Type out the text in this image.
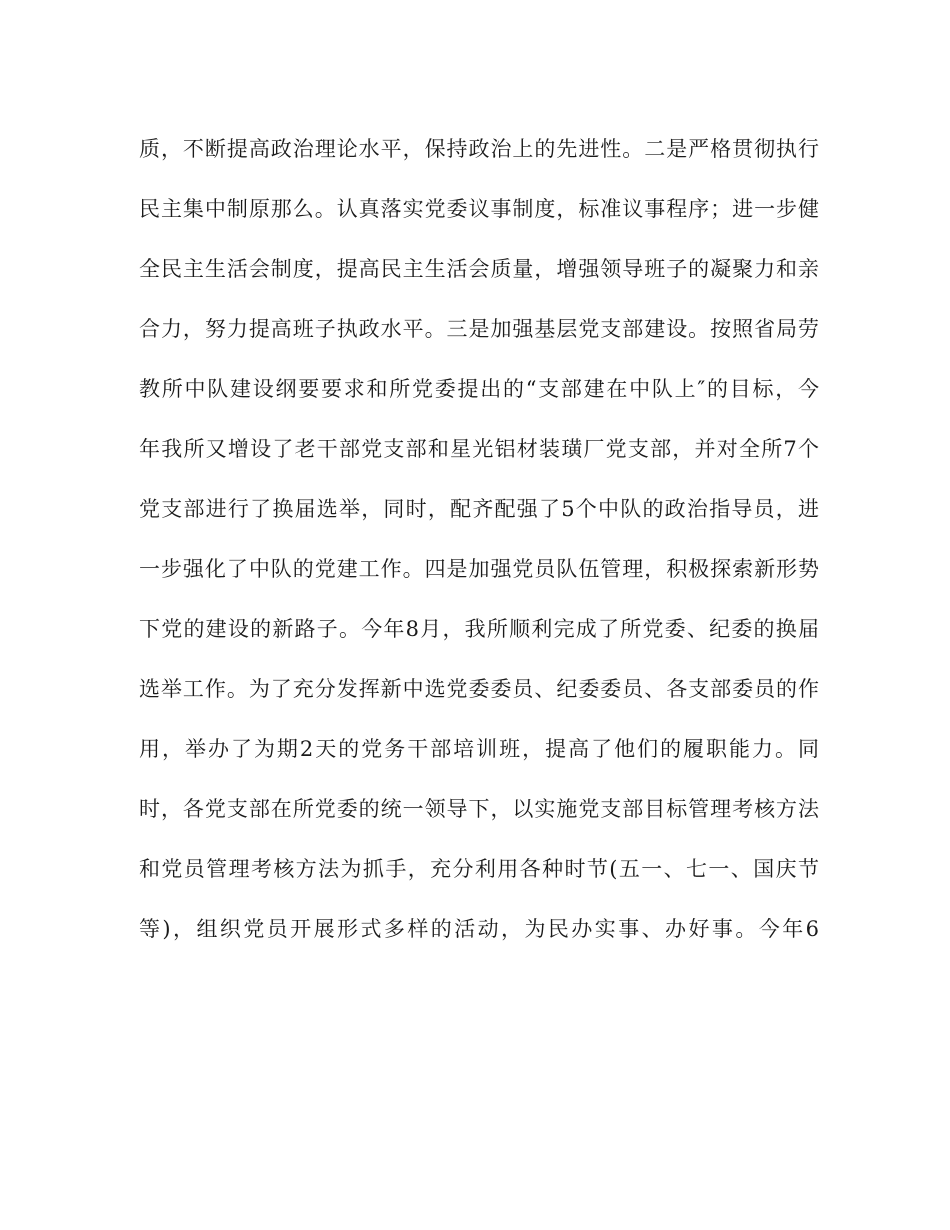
质，不断提高政治理论水平，保持政治上的先进性。二是严格贯彻执行
民主集中制原那么。认真落实党委议事制度，标准议事程序；进一步健
全民主生活会制度，提高民主生活会质量，增强领导班子的凝聚力和亲
合力，努力提高班子执政水平。三是加强基层党支部建设。按照省局劳
教所中队建设纲要要求和所党委提出的“支部建在中队上″的目标，今
年我所又增设了老干部党支部和星光铝材装璜厂党支部，并对全所7个
党支部进行了换届选举，同时，配齐配强了5个中队的政治指导员，进
一步强化了中队的党建工作。四是加强党员队伍管理，积极探索新形势
下党的建设的新路子。今年8月，我所顺利完成了所党委、纪委的换届
选举工作。为了充分发挥新中选党委委员、纪委委员、各支部委员的作
用，举办了为期2天的党务干部培训班，提高了他们的履职能力。同
时，各党支部在所党委的统一领导下，以实施党支部目标管理考核方法
和党员管理考核方法为抓手，充分利用各种时节(五一、七一、国庆节
等)，组织党员开展形式多样的活动，为民办实事、办好事。今年6
